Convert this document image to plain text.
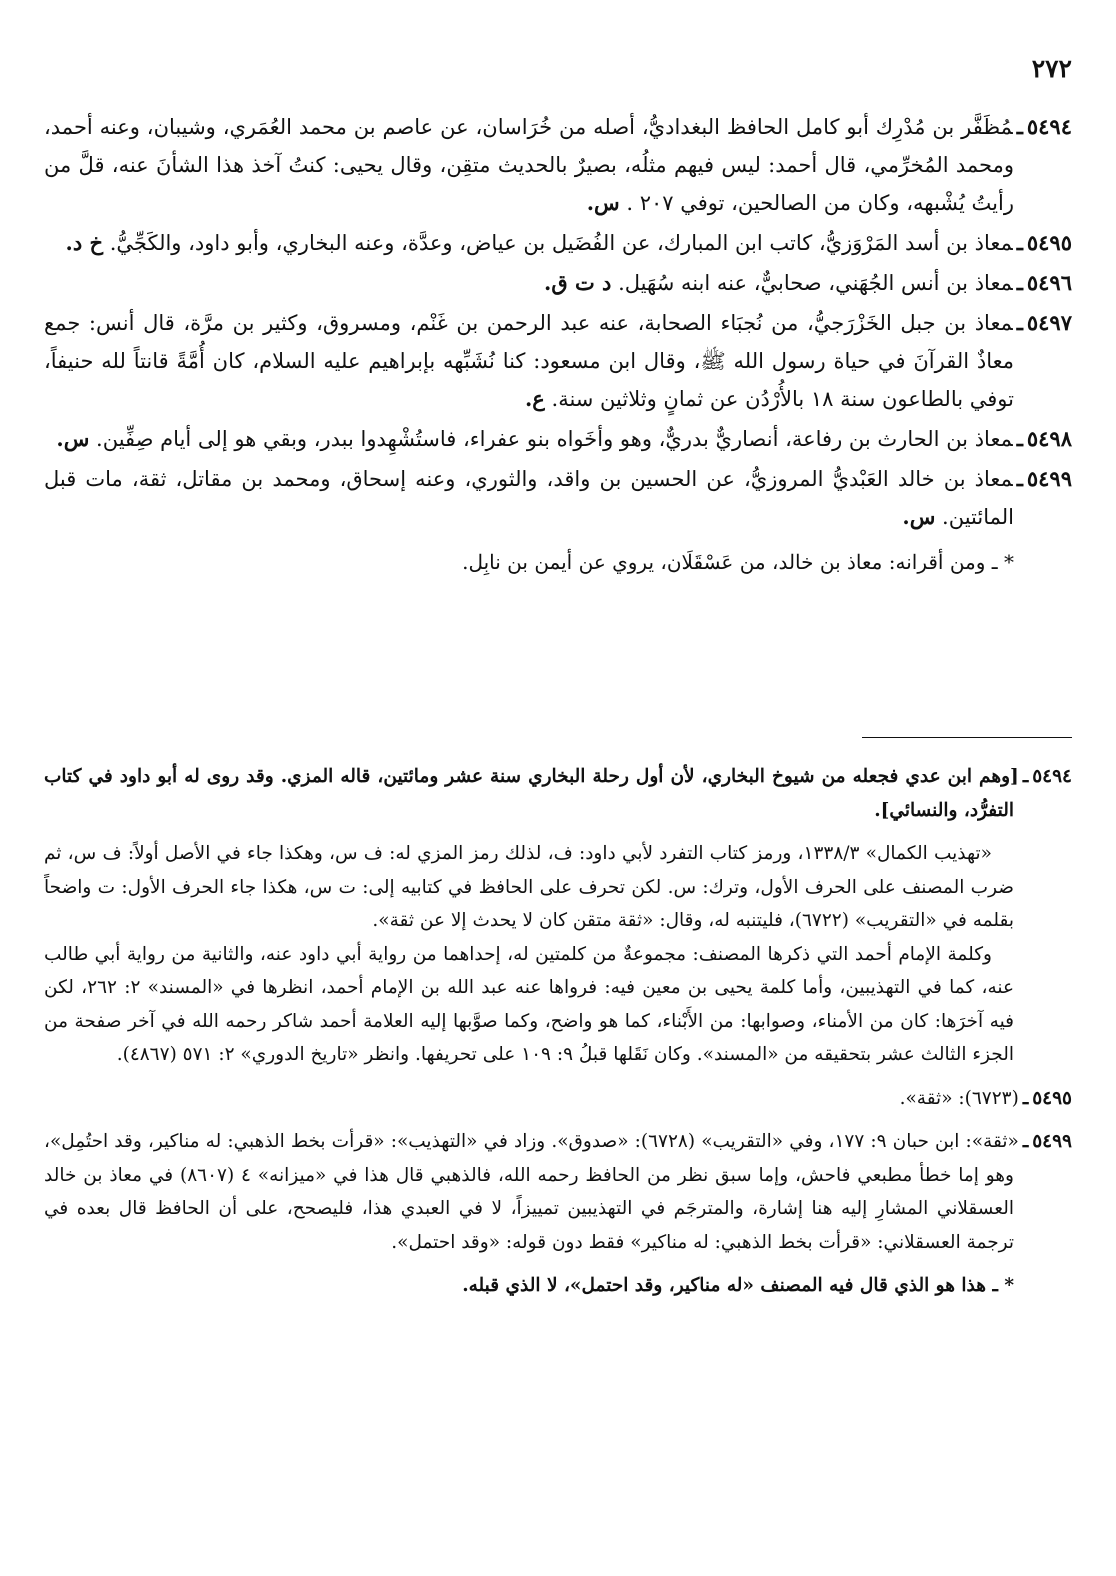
٢٧٢

٥٤٩٤ـمُظَفَّر بن مُدْرِك أبو كامل الحافظ البغداديُّ، أصله من خُرَاسان، عن عاصم بن محمد العُمَري، وشيبان، وعنه أحمد، ومحمد المُخرِّمي، قال أحمد: ليس فيهم مثلُه، بصيرٌ بالحديث متقِن، وقال يحيى: كنتُ آخذ هذا الشأنَ عنه، قلَّ من رأيتُ يُشْبهه، وكان من الصالحين، توفي ٢٠٧ . س.

٥٤٩٥ـمعاذ بن أسد المَرْوَزيُّ، كاتب ابن المبارك، عن الفُضَيل بن عياض، وعدَّة، وعنه البخاري، وأبو داود، والكَجِّيُّ. خ د.

٥٤٩٦ـمعاذ بن أنس الجُهَني، صحابيٌّ، عنه ابنه سُهَيل. د ت ق.

٥٤٩٧ـمعاذ بن جبل الخَزْرَجيُّ، من نُجبَاء الصحابة، عنه عبد الرحمن بن غَنْم، ومسروق، وكثير بن مرَّة، قال أنس: جمع معاذٌ القرآنَ في حياة رسول الله ﷺ، وقال ابن مسعود: كنا نُشَبِّهه بإبراهيم عليه السلام، كان أُمَّةً قانتاً لله حنيفاً، توفي بالطاعون سنة ١٨ بالأُرْدُن عن ثمانٍ وثلاثين سنة. ع.

٥٤٩٨ـمعاذ بن الحارث بن رفاعة، أنصاريٌّ بدريٌّ، وهو وأخَواه بنو عفراء، فاستُشْهِدوا ببدر، وبقي هو إلى أيام صِفِّين. س.

٥٤٩٩ـمعاذ بن خالد العَبْديُّ المروزيُّ، عن الحسين بن واقد، والثوري، وعنه إسحاق، ومحمد بن مقاتل، ثقة، مات قبل المائتين. س.

* ـ ومن أقرانه: معاذ بن خالد، من عَسْقَلَان، يروي عن أيمن بن نابِل.

٥٤٩٤ـ[وهم ابن عدي فجعله من شيوخ البخاري، لأن أول رحلة البخاري سنة عشر ومائتين، قاله المزي. وقد روى له أبو داود في كتاب التفرُّد، والنسائي].

«تهذيب الكمال» ١٣٣٨/٣، ورمز كتاب التفرد لأبي داود: ف، لذلك رمز المزي له: ف س، وهكذا جاء في الأصل أولاً: ف س، ثم ضرب المصنف على الحرف الأول، وترك: س. لكن تحرف على الحافظ في كتابيه إلى: ت س، هكذا جاء الحرف الأول: ت واضحاً بقلمه في «التقريب» (٦٧٢٢)، فليتنبه له، وقال: «ثقة متقن كان لا يحدث إلا عن ثقة».

وكلمة الإمام أحمد التي ذكرها المصنف: مجموعةٌ من كلمتين له، إحداهما من رواية أبي داود عنه، والثانية من رواية أبي طالب عنه، كما في التهذيبين، وأما كلمة يحيى بن معين فيه: فرواها عنه عبد الله بن الإمام أحمد، انظرها في «المسند» ٢: ٢٦٢، لكن فيه آخرَها: كان من الأمناء، وصوابها: من الأَبْناء، كما هو واضح، وكما صوَّبها إليه العلامة أحمد شاكر رحمه الله في آخر صفحة من الجزء الثالث عشر بتحقيقه من «المسند». وكان نَقَلها قبلُ ٩: ١٠٩ على تحريفها. وانظر «تاريخ الدوري» ٢: ٥٧١ (٤٨٦٧).

٥٤٩٥ـ(٦٧٢٣): «ثقة».
٥٤٩٩ـ«ثقة»: ابن حبان ٩: ١٧٧، وفي «التقريب» (٦٧٢٨): «صدوق». وزاد في «التهذيب»: «قرأت بخط الذهبي: له مناكير، وقد احتُمِل»، وهو إما خطأ مطبعي فاحش، وإما سبق نظر من الحافظ رحمه الله، فالذهبي قال هذا في «ميزانه» ٤ (٨٦٠٧) في معاذ بن خالد العسقلاني المشارِ إليه هنا إشارة، والمترجَم في التهذيبين تمييزاً، لا في العبدي هذا، فليصحح، على أن الحافظ قال بعده في ترجمة العسقلاني: «قرأت بخط الذهبي: له مناكير» فقط دون قوله: «وقد احتمل».

* ـ هذا هو الذي قال فيه المصنف «له مناكير، وقد احتمل»، لا الذي قبله.
